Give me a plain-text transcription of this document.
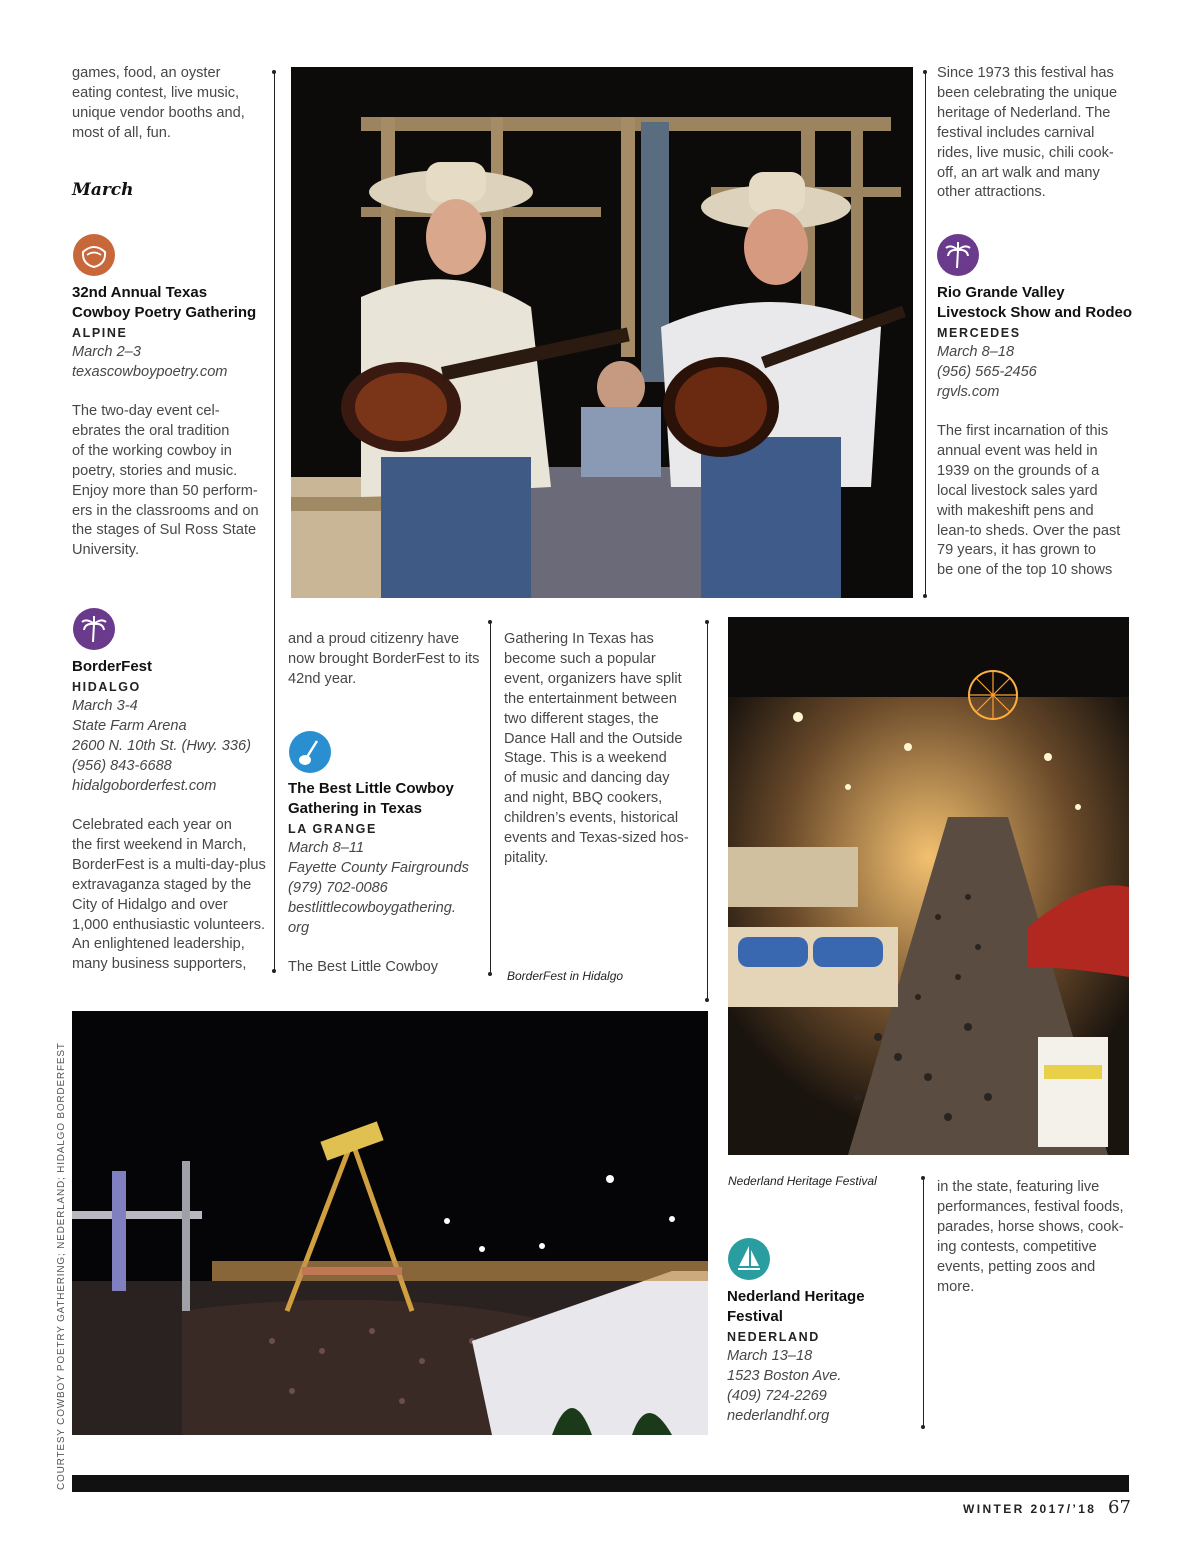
games, food, an oyster
eating contest, live music,
unique vendor booths and,
most of all, fun.
March
32nd Annual Texas
Cowboy Poetry Gathering
ALPINE
March 2–3
texascowboypoetry.com
The two-day event cel-
ebrates the oral tradition
of the working cowboy in
poetry, stories and music.
Enjoy more than 50 perform-
ers in the classrooms and on
the stages of Sul Ross State
University.
BorderFest
HIDALGO
March 3-4
State Farm Arena
2600 N. 10th St. (Hwy. 336)
(956) 843-6688
hidalgoborderfest.com
Celebrated each year on
the first weekend in March,
BorderFest is a multi-day-plus
extravaganza staged by the
City of Hidalgo and over
1,000 enthusiastic volunteers.
An enlightened leadership,
many business supporters,
Since 1973 this festival has
been celebrating the unique
heritage of Nederland. The
festival includes carnival
rides, live music, chili cook-
off, an art walk and many
other attractions.
Rio Grande Valley
Livestock Show and Rodeo
MERCEDES
March 8–18
(956) 565-2456
rgvls.com
The first incarnation of this
annual event was held in
1939 on the grounds of a
local livestock sales yard
with makeshift pens and
lean-to sheds. Over the past
79 years, it has grown to
be one of the top 10 shows
and a proud citizenry have
now brought BorderFest to its
42nd year.
The Best Little Cowboy
Gathering in Texas
LA GRANGE
March 8–11
Fayette County Fairgrounds
(979) 702-0086
bestlittlecowboygathering.
org
The Best Little Cowboy
Gathering In Texas has
become such a popular
event, organizers have split
the entertainment between
two different stages, the
Dance Hall and the Outside
Stage. This is a weekend
of music and dancing day
and night, BBQ cookers,
children’s events, historical
events and Texas-sized hos-
pitality.
BorderFest in Hidalgo
Nederland Heritage Festival
Nederland Heritage
Festival
NEDERLAND
March 13–18
1523 Boston Ave.
(409) 724-2269
nederlandhf.org
in the state, featuring live
performances, festival foods,
parades, horse shows, cook-
ing contests, competitive
events, petting zoos and
more.
COURTESY COWBOY POETRY GATHERING; NEDERLAND; HIDALGO BORDERFEST
WINTER 2017/’18 67
